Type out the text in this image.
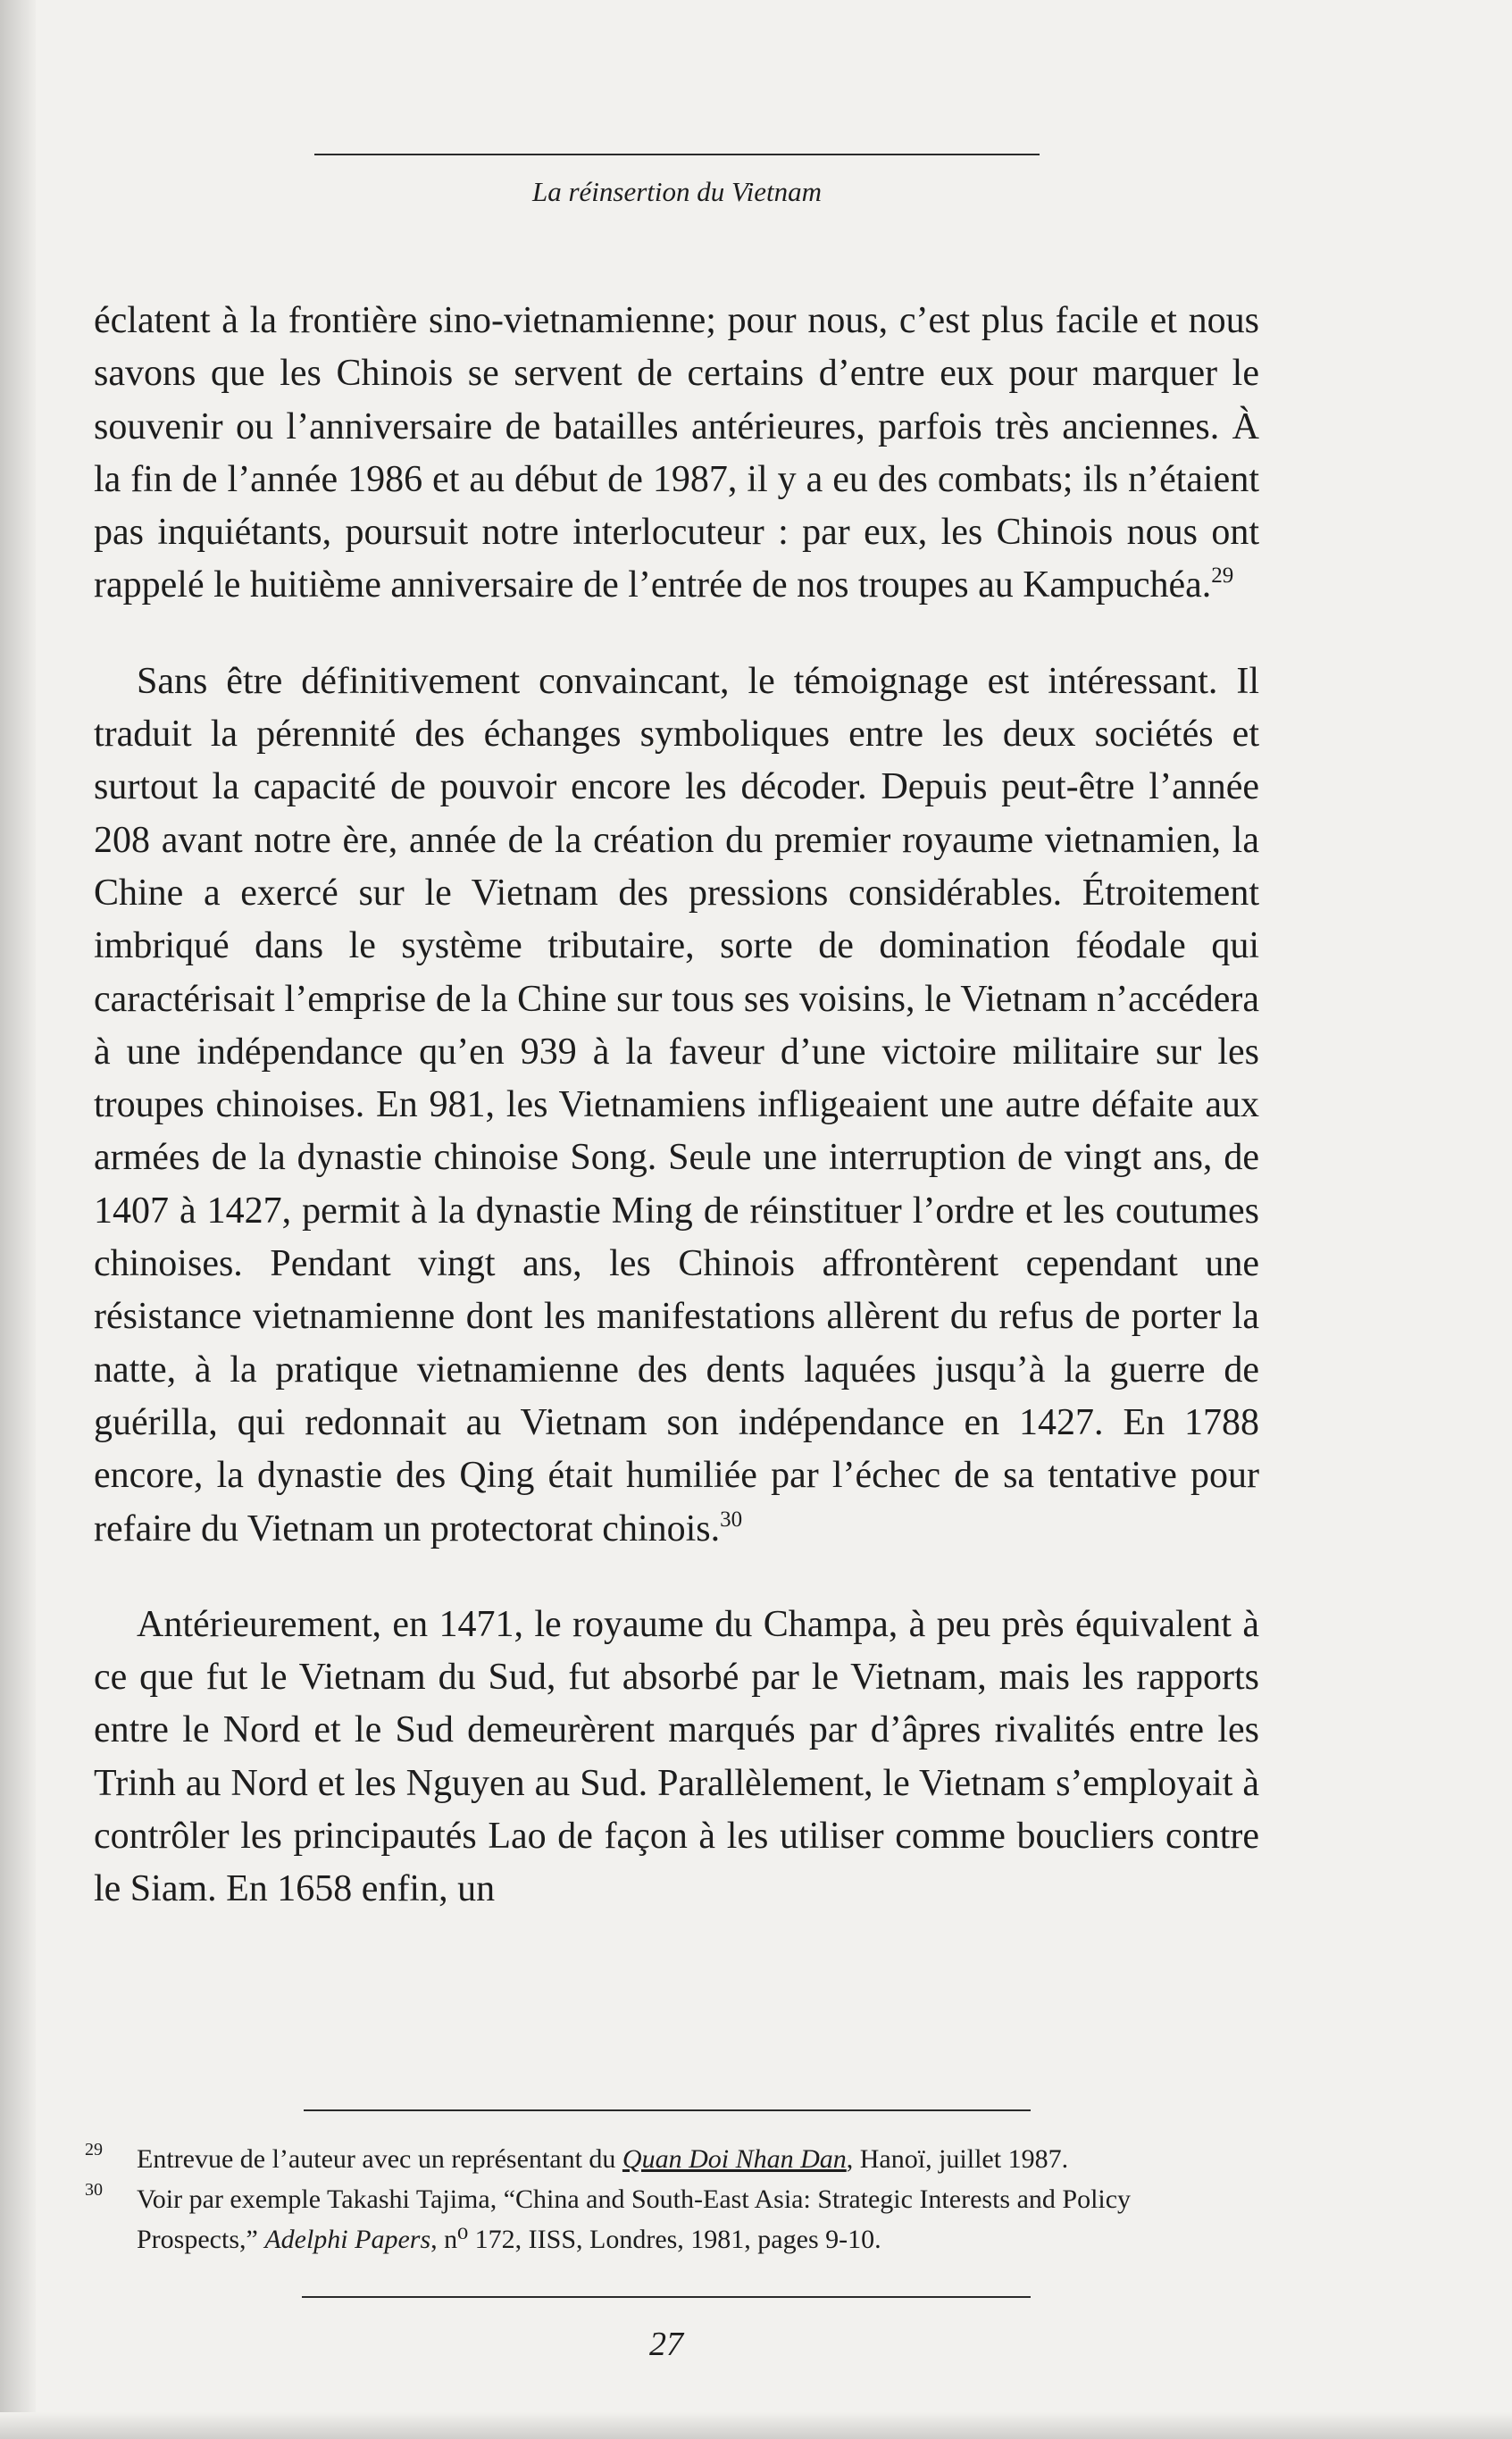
La réinsertion du Vietnam

éclatent à la frontière sino-vietnamienne; pour nous, c’est plus facile et nous savons que les Chinois se servent de certains d’entre eux pour marquer le souvenir ou l’anniversaire de batailles antérieures, parfois très anciennes. À la fin de l’année 1986 et au début de 1987, il y a eu des combats; ils n’étaient pas inquiétants, poursuit notre interlocuteur : par eux, les Chinois nous ont rappelé le huitième anniversaire de l’entrée de nos troupes au Kampuchéa.$^{29}$

Sans être définitivement convaincant, le témoignage est intéressant. Il traduit la pérennité des échanges symboliques entre les deux sociétés et surtout la capacité de pouvoir encore les décoder. Depuis peut-être l’année 208 avant notre ère, année de la création du premier royaume vietnamien, la Chine a exercé sur le Vietnam des pressions considérables. Étroitement imbriqué dans le système tributaire, sorte de domination féodale qui caractérisait l’emprise de la Chine sur tous ses voisins, le Vietnam n’accédera à une indépendance qu’en 939 à la faveur d’une victoire militaire sur les troupes chinoises. En 981, les Vietnamiens infligeaient une autre défaite aux armées de la dynastie chinoise Song. Seule une interruption de vingt ans, de 1407 à 1427, permit à la dynastie Ming de réinstituer l’ordre et les coutumes chinoises. Pendant vingt ans, les Chinois affrontèrent cependant une résistance vietnamienne dont les manifestations allèrent du refus de porter la natte, à la pratique vietnamienne des dents laquées jusqu’à la guerre de guérilla, qui redonnait au Vietnam son indépendance en 1427. En 1788 encore, la dynastie des Qing était humiliée par l’échec de sa tentative pour refaire du Vietnam un protectorat chinois.$^{30}$

Antérieurement, en 1471, le royaume du Champa, à peu près équivalent à ce que fut le Vietnam du Sud, fut absorbé par le Vietnam, mais les rapports entre le Nord et le Sud demeurèrent marqués par d’âpres rivalités entre les Trinh au Nord et les Nguyen au Sud. Parallèlement, le Vietnam s’employait à contrôler les principautés Lao de façon à les utiliser comme boucliers contre le Siam. En 1658 enfin, un

29 Entrevue de l’auteur avec un représentant du Quan Doi Nhan Dan, Hanoï, juillet 1987.

30 Voir par exemple Takashi Tajima, “China and South-East Asia: Strategic Interests and Policy Prospects,” Adelphi Papers, n⁰ 172, IISS, Londres, 1981, pages 9-10.

27
